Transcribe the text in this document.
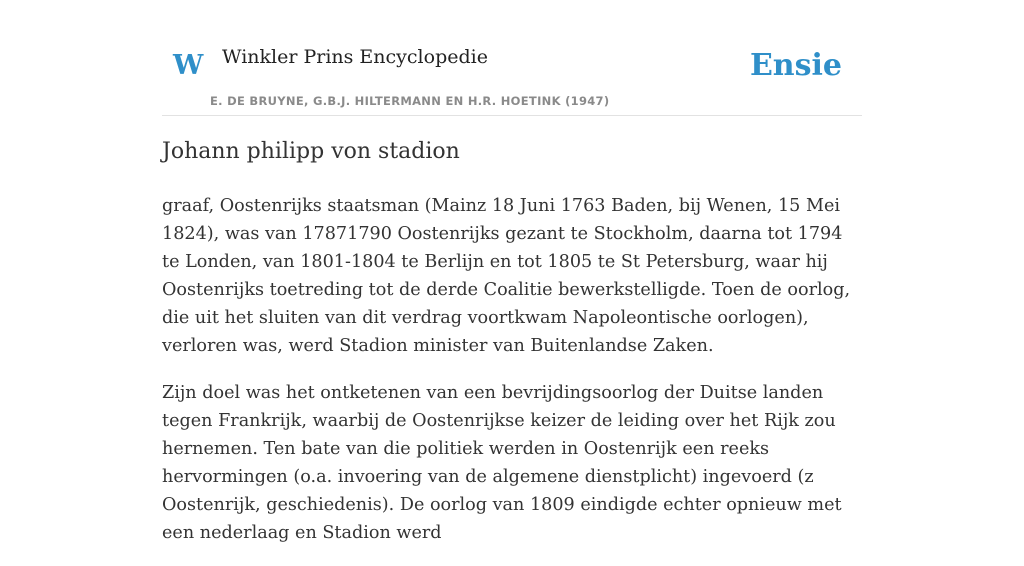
W Winkler Prins Encyclopedie
E. DE BRUYNE, G.B.J. HILTERMANN EN H.R. HOETINK (1947)
Ensie
Johann philipp von stadion

graaf, Oostenrijks staatsman (Mainz 18 Juni 1763 Baden, bij Wenen, 15 Mei 1824), was van 17871790 Oostenrijks gezant te Stockholm, daarna tot 1794 te Londen, van 1801-1804 te Berlijn en tot 1805 te St Petersburg, waar hij Oostenrijks toetreding tot de derde Coalitie bewerkstelligde. Toen de oorlog, die uit het sluiten van dit verdrag voortkwam Napoleontische oorlogen), verloren was, werd Stadion minister van Buitenlandse Zaken.

Zijn doel was het ontketenen van een bevrijdingsoorlog der Duitse landen tegen Frankrijk, waarbij de Oostenrijkse keizer de leiding over het Rijk zou hernemen. Ten bate van die politiek werden in Oostenrijk een reeks hervormingen (o.a. invoering van de algemene dienstplicht) ingevoerd (z Oostenrijk, geschiedenis). De oorlog van 1809 eindigde echter opnieuw met een nederlaag en Stadion werd
